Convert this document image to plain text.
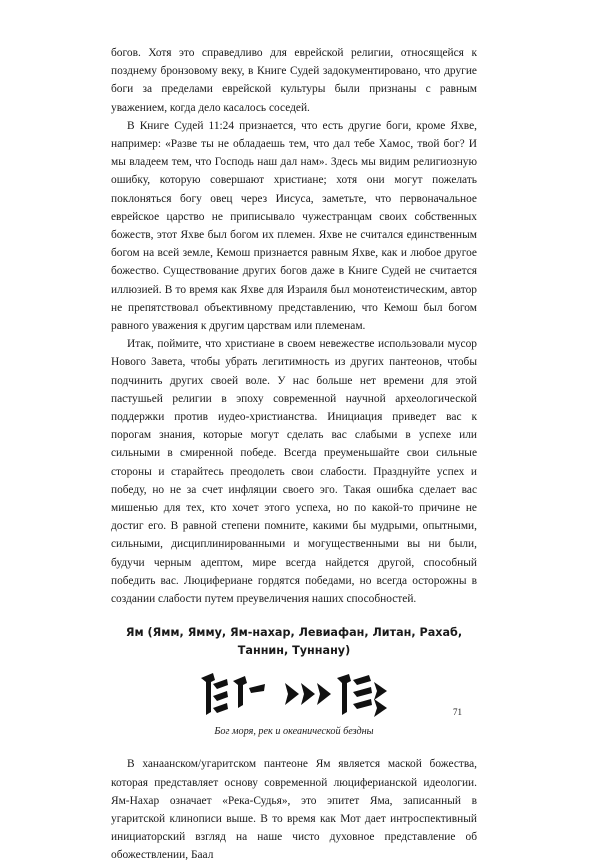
богов. Хотя это справедливо для еврейской религии, относящейся к позднему бронзовому веку, в Книге Судей задокументировано, что другие боги за пределами еврейской культуры были признаны с равным уважением, когда дело касалось соседей.

В Книге Судей 11:24 признается, что есть другие боги, кроме Яхве, например: «Разве ты не обладаешь тем, что дал тебе Хамос, твой бог? И мы владеем тем, что Господь наш дал нам». Здесь мы видим религиозную ошибку, которую совершают христиане; хотя они могут пожелать поклоняться богу овец через Иисуса, заметьте, что первоначальное еврейское царство не приписывало чужестранцам своих собственных божеств, этот Яхве был богом их племен. Яхве не считался единственным богом на всей земле, Кемош признается равным Яхве, как и любое другое божество. Существование других богов даже в Книге Судей не считается иллюзией. В то время как Яхве для Израиля был монотеистическим, автор не препятствовал объективному представлению, что Кемош был богом равного уважения к другим царствам или племенам.

Итак, поймите, что христиане в своем невежестве использовали мусор Нового Завета, чтобы убрать легитимность из других пантеонов, чтобы подчинить других своей воле. У нас больше нет времени для этой пастушьей религии в эпоху современной научной археологической поддержки против иудео-христианства. Инициация приведет вас к порогам знания, которые могут сделать вас слабыми в успехе или сильными в смиренной победе. Всегда преуменьшайте свои сильные стороны и старайтесь преодолеть свои слабости. Празднуйте успех и победу, но не за счет инфляции своего эго. Такая ошибка сделает вас мишенью для тех, кто хочет этого успеха, но по какой-то причине не достиг его. В равной степени помните, какими бы мудрыми, опытными, сильными, дисциплинированными и могущественными вы ни были, будучи черным адептом, мире всегда найдется другой, способный победить вас. Люцифериане гордятся победами, но всегда осторожны в создании слабости путем преувеличения наших способностей.

Ям (Ямм, Ямму, Ям-нахар, Левиафан, Литан, Рахаб, Таннин, Туннану)
Бог моря, рек и океанической бездны

В ханаанском/угаритском пантеоне Ям является маской божества, которая представляет основу современной люциферианской идеологии. Ям-Нахар означает «Река-Судья», это эпитет Яма, записанный в угаритской клинописи выше. В то время как Мот дает интроспективный инициаторский взгляд на наше чисто духовное представление об обожествлении, Баал

71
